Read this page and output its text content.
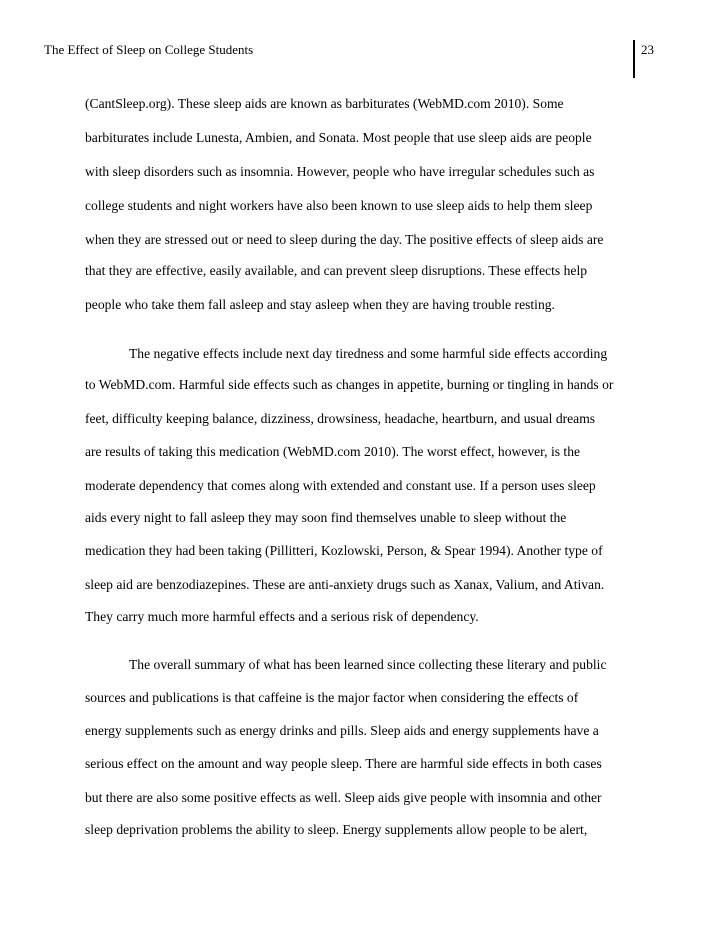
The Effect of Sleep on College Students	23
(CantSleep.org). These sleep aids are known as barbiturates (WebMD.com 2010). Some
barbiturates include Lunesta, Ambien, and Sonata. Most people that use sleep aids are people
with sleep disorders such as insomnia. However, people who have irregular schedules such as
college students and night workers have also been known to use sleep aids to help them sleep
when they are stressed out or need to sleep during the day. The positive effects of sleep aids are
that they are effective, easily available, and can prevent sleep disruptions. These effects help
people who take them fall asleep and stay asleep when they are having trouble resting.
The negative effects include next day tiredness and some harmful side effects according
to WebMD.com. Harmful side effects such as changes in appetite, burning or tingling in hands or
feet, difficulty keeping balance, dizziness, drowsiness, headache, heartburn, and usual dreams
are results of taking this medication (WebMD.com 2010). The worst effect, however, is the
moderate dependency that comes along with extended and constant use. If a person uses sleep
aids every night to fall asleep they may soon find themselves unable to sleep without the
medication they had been taking (Pillitteri, Kozlowski, Person, & Spear 1994). Another type of
sleep aid are benzodiazepines. These are anti-anxiety drugs such as Xanax, Valium, and Ativan.
They carry much more harmful effects and a serious risk of dependency.
The overall summary of what has been learned since collecting these literary and public
sources and publications is that caffeine is the major factor when considering the effects of
energy supplements such as energy drinks and pills. Sleep aids and energy supplements have a
serious effect on the amount and way people sleep. There are harmful side effects in both cases
but there are also some positive effects as well. Sleep aids give people with insomnia and other
sleep deprivation problems the ability to sleep. Energy supplements allow people to be alert,
